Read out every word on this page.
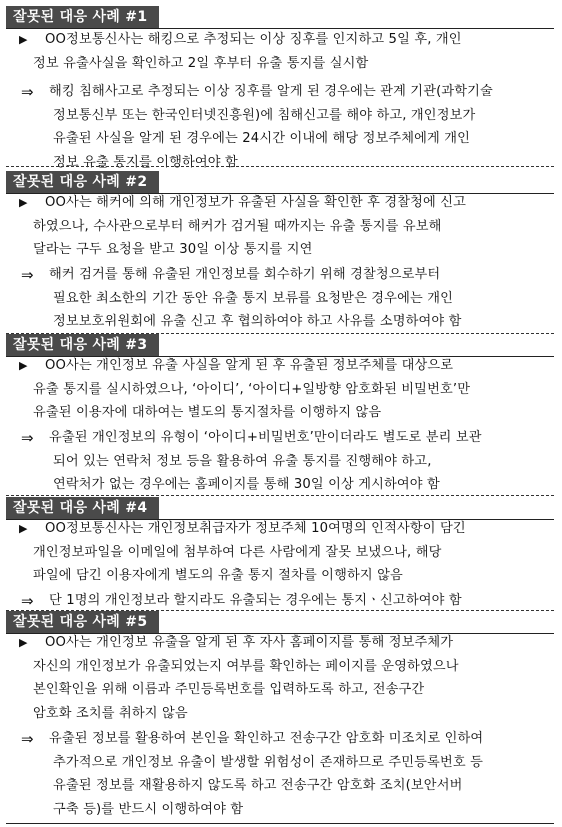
잘못된 대응 사례 #1
▶ OO정보통신사는 해킹으로 추정되는 이상 징후를 인지하고 5일 후, 개인
정보 유출사실을 확인하고 2일 후부터 유출 통지를 실시함
⇒ 해킹 침해사고로 추정되는 이상 징후를 알게 된 경우에는 관계 기관(과학기술
정보통신부 또는 한국인터넷진흥원)에 침해신고를 해야 하고, 개인정보가
유출된 사실을 알게 된 경우에는 24시간 이내에 해당 정보주체에게 개인
정보 유출 통지를 이행하여야 함
잘못된 대응 사례 #2
▶ OO사는 해커에 의해 개인정보가 유출된 사실을 확인한 후 경찰청에 신고
하였으나, 수사관으로부터 해커가 검거될 때까지는 유출 통지를 유보해
달라는 구두 요청을 받고 30일 이상 통지를 지연
⇒ 해커 검거를 통해 유출된 개인정보를 회수하기 위해 경찰청으로부터
필요한 최소한의 기간 동안 유출 통지 보류를 요청받은 경우에는 개인
정보보호위원회에 유출 신고 후 협의하여야 하고 사유를 소명하여야 함
잘못된 대응 사례 #3
▶ OO사는 개인정보 유출 사실을 알게 된 후 유출된 정보주체를 대상으로
유출 통지를 실시하였으나, ‘아이디’, ‘아이디+일방향 암호화된 비밀번호’만
유출된 이용자에 대하여는 별도의 통지절차를 이행하지 않음
⇒ 유출된 개인정보의 유형이 ‘아이디+비밀번호’만이더라도 별도로 분리 보관
되어 있는 연락처 정보 등을 활용하여 유출 통지를 진행해야 하고,
연락처가 없는 경우에는 홈페이지를 통해 30일 이상 게시하여야 함
잘못된 대응 사례 #4
▶ OO정보통신사는 개인정보취급자가 정보주체 10여명의 인적사항이 담긴
개인정보파일을 이메일에 첨부하여 다른 사람에게 잘못 보냈으나, 해당
파일에 담긴 이용자에게 별도의 유출 통지 절차를 이행하지 않음
⇒ 단 1명의 개인정보라 할지라도 유출되는 경우에는 통지ㆍ신고하여야 함
잘못된 대응 사례 #5
▶ OO사는 개인정보 유출을 알게 된 후 자사 홈페이지를 통해 정보주체가
자신의 개인정보가 유출되었는지 여부를 확인하는 페이지를 운영하였으나
본인확인을 위해 이름과 주민등록번호를 입력하도록 하고, 전송구간
암호화 조치를 취하지 않음
⇒ 유출된 정보를 활용하여 본인을 확인하고 전송구간 암호화 미조치로 인하여
추가적으로 개인정보 유출이 발생할 위험성이 존재하므로 주민등록번호 등
유출된 정보를 재활용하지 않도록 하고 전송구간 암호화 조치(보안서버
구축 등)를 반드시 이행하여야 함
